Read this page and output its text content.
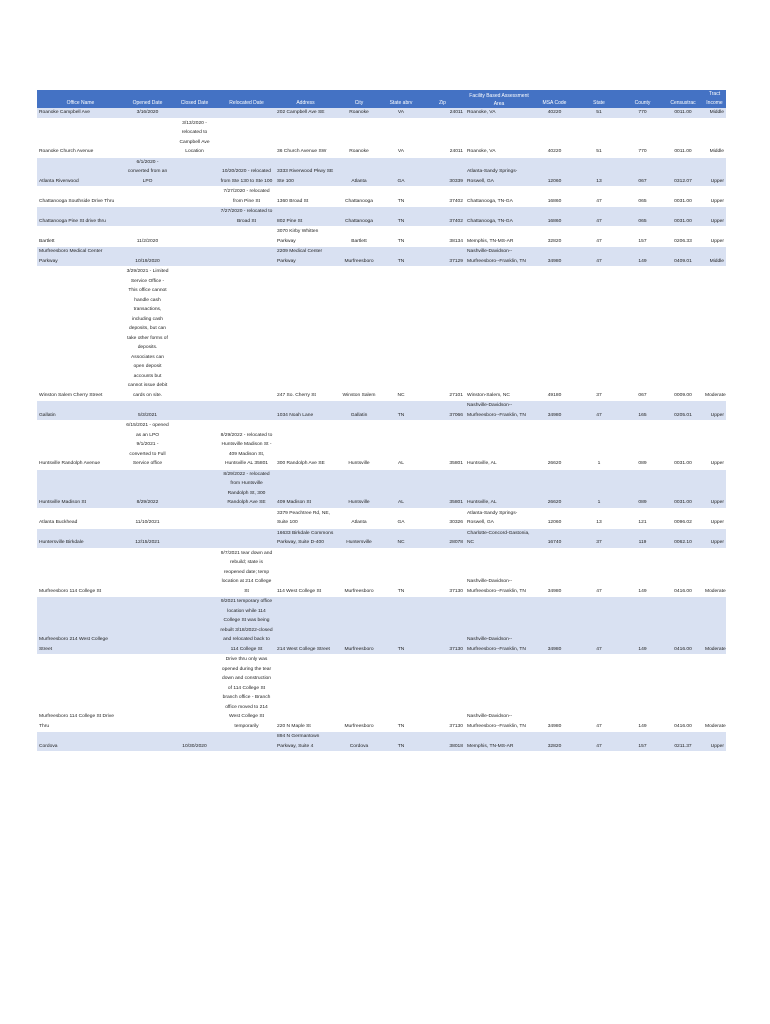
Office Name	Opened Date	Closed Date	Relocated Date	Address	City	State abrv	Zip	Facility Based Assessment Area	MSA Code	State	County	Censustrac	Tract Income
Roanoke Campbell Ave	3/16/2020			202 Campbell Ave SE	Roanoke	VA	24011	Roanoke, VA	40220	51	770	0011.00	Middle
Roanoke Church Avenue		3/13/2020 - relocated to Campbell Ave Location		36 Church Avenue SW	Roanoke	VA	24011	Roanoke, VA	40220	51	770	0011.00	Middle
Atlanta Riverwood	6/1/2020 - converted from an LPO		10/20/2020 - relocated from Ste 130 to Ste 100	3333 Riverwood Pkwy SE Ste 100	Atlanta	GA	30339	Atlanta-Sandy Springs-Roswell, GA	12060	13	067	0312.07	Upper
Chattanooga Southside Drive Thru			7/27/2020 - relocated from Pine St	1360 Broad St	Chattanooga	TN	37402	Chattanooga, TN-GA	16860	47	065	0031.00	Upper
Chattanooga Pine St drive thru			7/27/2020 - relocated to Broad St	802 Pine St	Chattanooga	TN	37402	Chattanooga, TN-GA	16860	47	065	0031.00	Upper
Bartlett	11/2/2020			3070 Kirby Whitten Parkway	Bartlett	TN	38134	Memphis, TN-MS-AR	32820	47	157	0206.33	Upper
Murfreesboro Medical Center Parkway	10/19/2020			2209 Medical Center Parkway	Murfreesboro	TN	37129	Nashville-Davidson--Murfreesboro--Franklin, TN	34980	47	149	0409.01	Middle
Winston Salem Cherry Street	3/29/2021 - Limited Service Office - This office cannot handle cash transactions, including cash deposits, but can take other forms of deposits. Associates can open deposit accounts but cannot issue debit cards on site.			247 So. Cherry St	Winston Salem	NC	27101	Winston-Salem, NC	49180	37	067	0009.00	Moderate
Gallatin	5/3/2021			1034 Noah Lane	Gallatin	TN	37066	Nashville-Davidson--Murfreesboro--Franklin, TN	34980	47	165	0205.01	Upper
Huntsville Randolph Avenue	6/15/2021 - opened as an LPO 9/1/2021 - converted to Full Service office		8/29/2022 - relocated to Huntsville Madison St - 409 Madison St, Huntsville AL 35801	300 Randolph Ave SE	Huntsville	AL	35801	Huntsville, AL	26620	1	089	0031.00	Upper
Huntsville Madison St	8/29/2022		8/29/2022 - relocated from Huntsville Randolph St, 300 Randolph Ave SE	409 Madison St	Huntsville	AL	35801	Huntsville, AL	26620	1	089	0031.00	Upper
Atlanta Buckhead	11/10/2021			3379 Peachtree Rd, NE, Suite 100	Atlanta	GA	30326	Atlanta-Sandy Springs-Roswell, GA	12060	13	121	0096.02	Upper
Huntersville Birkdale	12/15/2021			16633 Birkdale Commons Parkway, Suite D-400	Huntersville	NC	28078	Charlotte-Concord-Gastonia, NC	16740	37	119	0062.10	Upper
Murfreesboro 114 College St			9/7/2021 tear down and rebuild; state is reopened date; temp location at 214 College St	114 West College St	Murfreesboro	TN	37130	Nashville-Davidson--Murfreesboro--Franklin, TN	34980	47	149	0416.00	Moderate
Murfreesboro 214 West College Street			9/2021 temporary office location while 114 College St was being rebuilt 3/18/2022-closed and relocated back to 114 College St	214 West College Street	Murfreesboro	TN	37130	Nashville-Davidson--Murfreesboro--Franklin, TN	34980	47	149	0416.00	Moderate
Murfreesboro 114 College St Drive Thru			Drive thru only was opened during the tear down and construction of 114 College St branch office - Branch office moved to 214 West College St temporarily	220 N Maple St	Murfreesboro	TN	37130	Nashville-Davidson--Murfreesboro--Franklin, TN	34980	47	149	0416.00	Moderate
Cordova		10/30/2020		894 N Germantown Parkway, Suite 4	Cordova	TN	38018	Memphis, TN-MS-AR	32820	47	157	0211.37	Upper
